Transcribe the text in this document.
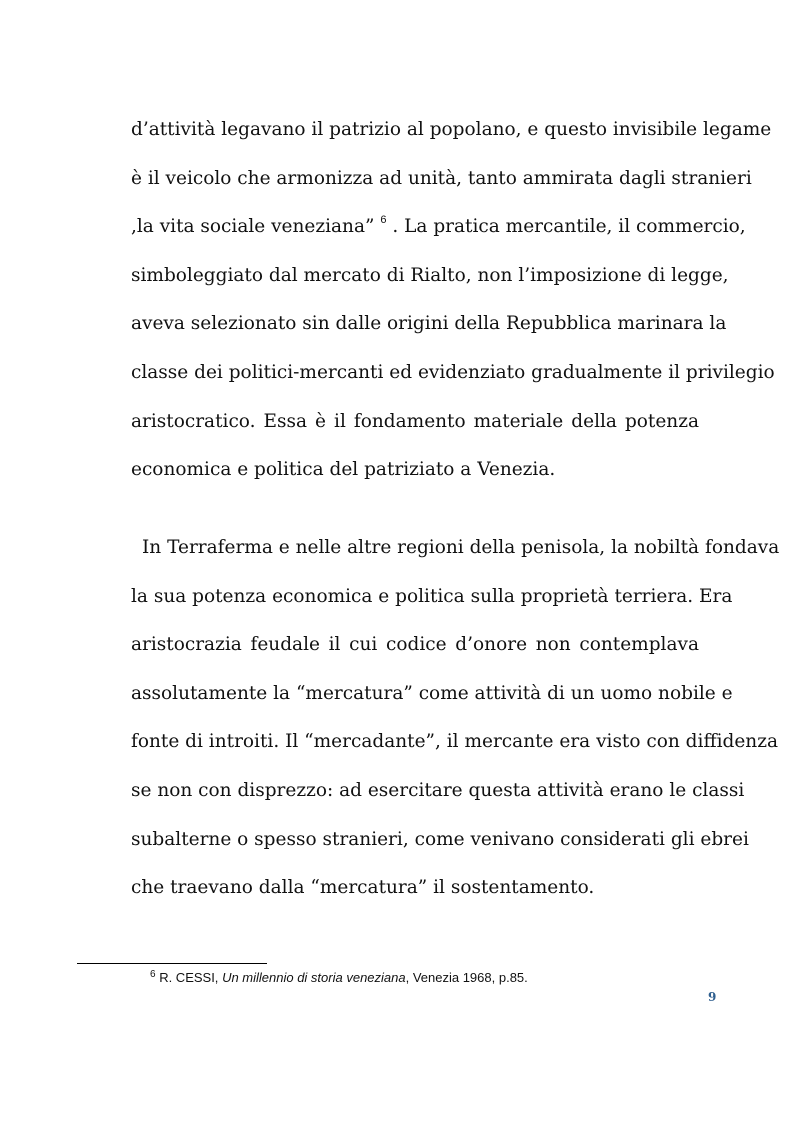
d’attività legavano il patrizio al popolano, e questo invisibile legame
è il veicolo che armonizza ad unità, tanto ammirata dagli stranieri
,la vita sociale veneziana” $^6$ . La pratica mercantile, il commercio,
simboleggiato dal mercato di Rialto, non l’imposizione di legge,
aveva selezionato sin dalle origini della Repubblica marinara la
classe dei politici-mercanti ed evidenziato gradualmente il privilegio
aristocratico. Essa è il fondamento materiale della potenza
economica e politica del patriziato a Venezia.

In Terraferma e nelle altre regioni della penisola, la nobiltà fondava
la sua potenza economica e politica sulla proprietà terriera. Era
aristocrazia feudale il cui codice d’onore non contemplava
assolutamente la “mercatura” come attività di un uomo nobile e
fonte di introiti. Il “mercadante”, il mercante era visto con diffidenza
se non con disprezzo: ad esercitare questa attività erano le classi
subalterne o spesso stranieri, come venivano considerati gli ebrei
che traevano dalla “mercatura” il sostentamento.

$^6$ R. CESSI, Un millennio di storia veneziana, Venezia 1968, p.85.
9
